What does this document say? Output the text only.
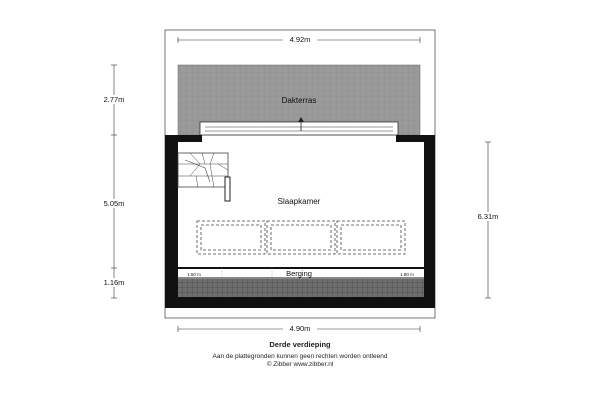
Dakterras
Slaapkamer
Berging
1.50 m	1.80 m
4.92m
4.90m
2.77m
5.05m
1.16m
6.31m
Derde verdieping
Aan de plattegronden kunnen geen rechten worden ontleend
© Zibber www.zibber.nl
